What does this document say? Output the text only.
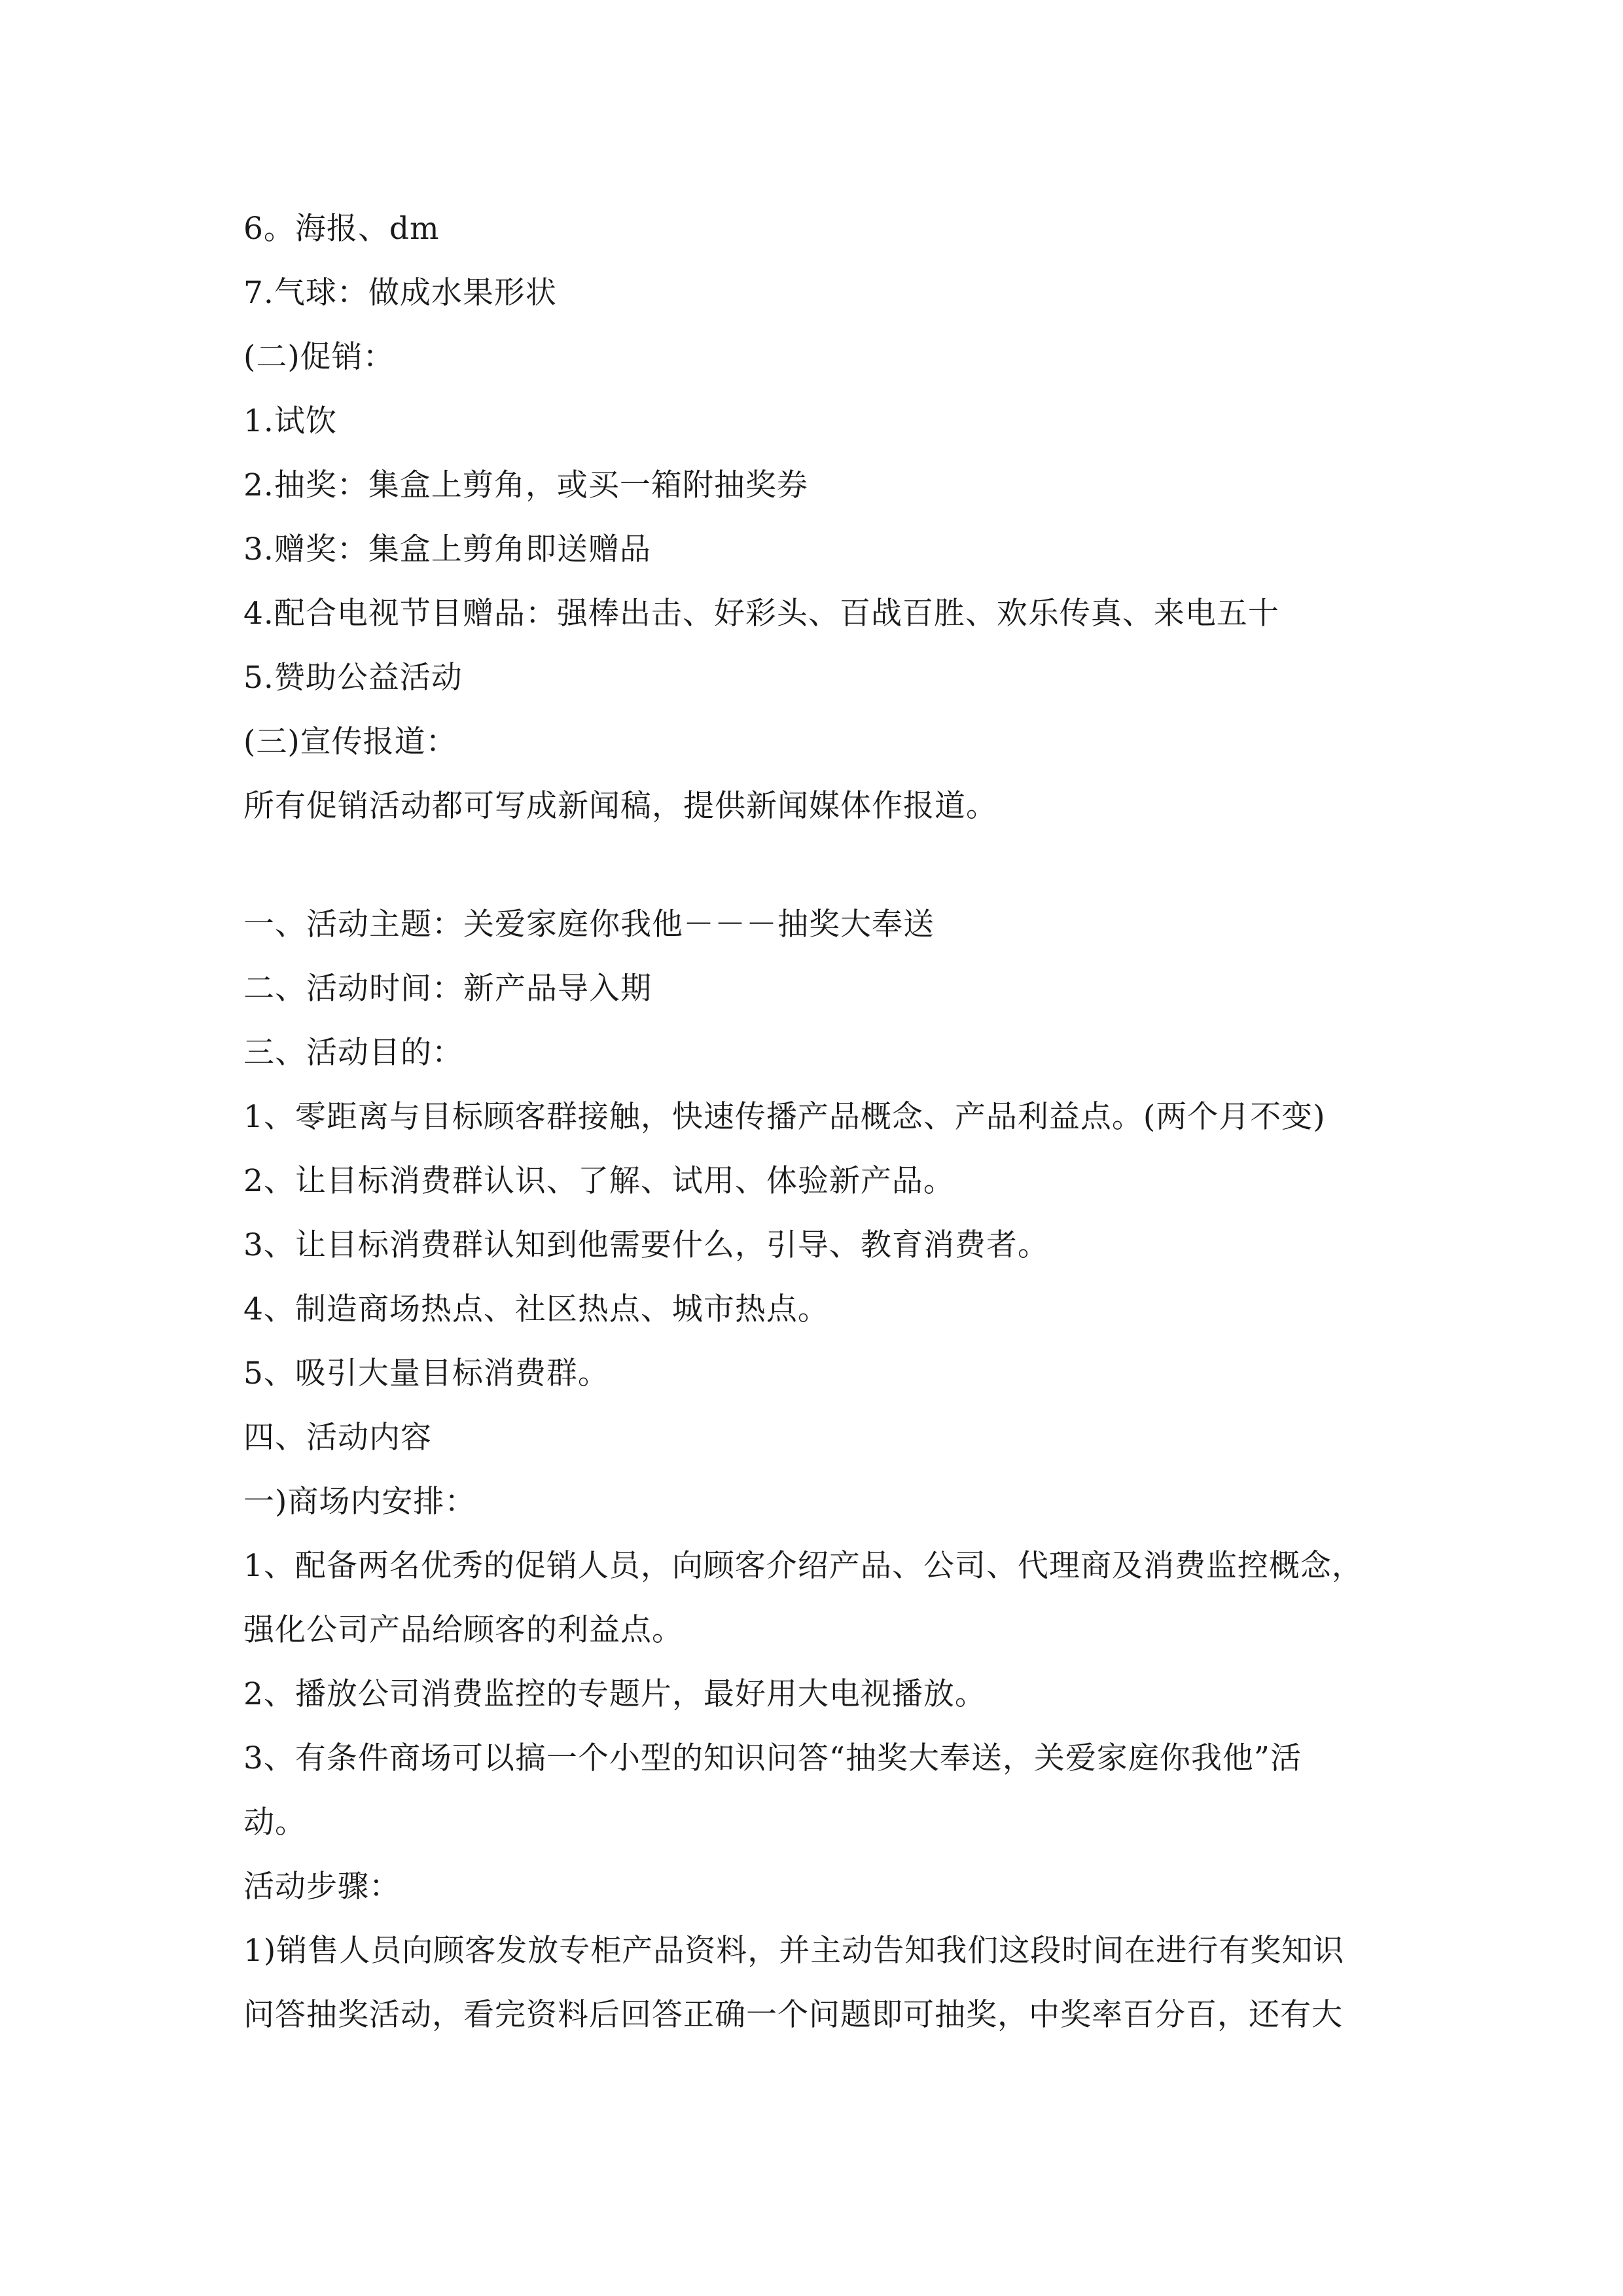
6。海报、dm
7.气球：做成水果形状
(二)促销：
1.试饮
2.抽奖：集盒上剪角，或买一箱附抽奖券
3.赠奖：集盒上剪角即送赠品
4.配合电视节目赠品：强棒出击、好彩头、百战百胜、欢乐传真、来电五十
5.赞助公益活动
(三)宣传报道：
所有促销活动都可写成新闻稿，提供新闻媒体作报道。
一、活动主题：关爱家庭你我他－－－抽奖大奉送
二、活动时间：新产品导入期
三、活动目的：
1、零距离与目标顾客群接触，快速传播产品概念、产品利益点。(两个月不变)
2、让目标消费群认识、了解、试用、体验新产品。
3、让目标消费群认知到他需要什么，引导、教育消费者。
4、制造商场热点、社区热点、城市热点。
5、吸引大量目标消费群。
四、活动内容
一)商场内安排：
1、配备两名优秀的促销人员，向顾客介绍产品、公司、代理商及消费监控概念，
强化公司产品给顾客的利益点。
2、播放公司消费监控的专题片，最好用大电视播放。
3、有条件商场可以搞一个小型的知识问答“抽奖大奉送，关爱家庭你我他”活
动。
活动步骤：
1)销售人员向顾客发放专柜产品资料，并主动告知我们这段时间在进行有奖知识
问答抽奖活动，看完资料后回答正确一个问题即可抽奖，中奖率百分百，还有大
